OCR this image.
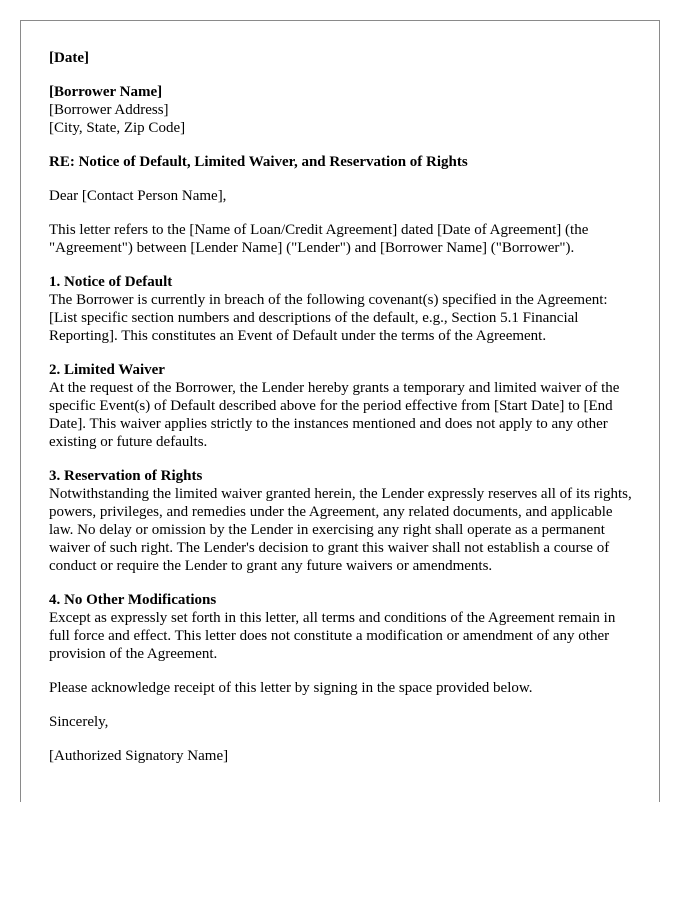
[Date]
[Borrower Name]
[Borrower Address]
[City, State, Zip Code]
RE: Notice of Default, Limited Waiver, and Reservation of Rights
Dear [Contact Person Name],

This letter refers to the [Name of Loan/Credit Agreement] dated [Date of Agreement] (the "Agreement") between [Lender Name] ("Lender") and [Borrower Name] ("Borrower").

1. Notice of Default

The Borrower is currently in breach of the following covenant(s) specified in the Agreement: [List specific section numbers and descriptions of the default, e.g., Section 5.1 Financial Reporting]. This constitutes an Event of Default under the terms of the Agreement.

2. Limited Waiver

At the request of the Borrower, the Lender hereby grants a temporary and limited waiver of the specific Event(s) of Default described above for the period effective from [Start Date] to [End Date]. This waiver applies strictly to the instances mentioned and does not apply to any other existing or future defaults.

3. Reservation of Rights

Notwithstanding the limited waiver granted herein, the Lender expressly reserves all of its rights, powers, privileges, and remedies under the Agreement, any related documents, and applicable law. No delay or omission by the Lender in exercising any right shall operate as a permanent waiver of such right. The Lender's decision to grant this waiver shall not establish a course of conduct or require the Lender to grant any future waivers or amendments.

4. No Other Modifications

Except as expressly set forth in this letter, all terms and conditions of the Agreement remain in full force and effect. This letter does not constitute a modification or amendment of any other provision of the Agreement.

Please acknowledge receipt of this letter by signing in the space provided below.

Sincerely,
[Authorized Signatory Name]
